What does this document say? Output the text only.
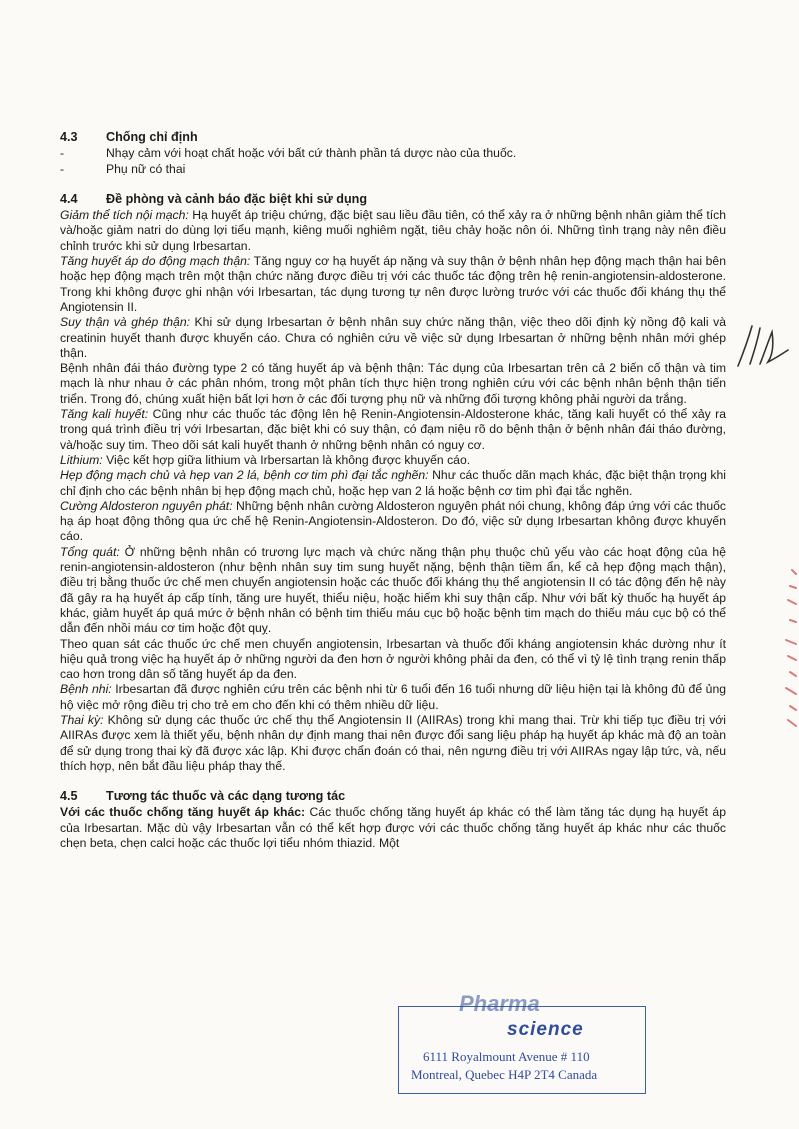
4.3	Chống chỉ định
-	Nhạy cảm với hoạt chất hoặc với bất cứ thành phần tá dược nào của thuốc.
-	Phụ nữ có thai
4.4	Đề phòng và cảnh báo đặc biệt khi sử dụng

Giảm thể tích nội mạch: Hạ huyết áp triệu chứng, đặc biệt sau liều đầu tiên, có thể xảy ra ở những bệnh nhân giảm thể tích và/hoặc giảm natri do dùng lợi tiểu mạnh, kiêng muối nghiêm ngặt, tiêu chảy hoặc nôn ói. Những tình trạng này nên điều chỉnh trước khi sử dụng Irbesartan.

Tăng huyết áp do động mạch thận: Tăng nguy cơ hạ huyết áp nặng và suy thận ở bệnh nhân hẹp động mạch thận hai bên hoặc hẹp động mạch trên một thận chức năng được điều trị với các thuốc tác động trên hệ renin-angiotensin-aldosterone. Trong khi không được ghi nhận với Irbesartan, tác dụng tương tự nên được lường trước với các thuốc đối kháng thụ thể Angiotensin II.

Suy thận và ghép thận: Khi sử dụng Irbesartan ở bệnh nhân suy chức năng thận, việc theo dõi định kỳ nồng độ kali và creatinin huyết thanh được khuyến cáo. Chưa có nghiên cứu về việc sử dụng Irbesartan ở những bệnh nhân mới ghép thận.

Bệnh nhân đái tháo đường type 2 có tăng huyết áp và bệnh thận: Tác dụng của Irbesartan trên cả 2 biến cố thận và tim mạch là như nhau ở các phân nhóm, trong một phân tích thực hiện trong nghiên cứu với các bệnh nhân bệnh thận tiến triển. Trong đó, chúng xuất hiện bất lợi hơn ở các đối tượng phụ nữ và những đối tượng không phải người da trắng.

Tăng kali huyết: Cũng như các thuốc tác động lên hệ Renin-Angiotensin-Aldosterone khác, tăng kali huyết có thể xảy ra trong quá trình điều trị với Irbesartan, đặc biệt khi có suy thận, có đạm niệu rõ do bệnh thận ở bệnh nhân đái tháo đường, và/hoặc suy tim. Theo dõi sát kali huyết thanh ở những bệnh nhân có nguy cơ.

Lithium: Việc kết hợp giữa lithium và Irbersartan là không được khuyến cáo.

Hẹp động mạch chủ và hẹp van 2 lá, bệnh cơ tim phì đại tắc nghẽn: Như các thuốc dãn mạch khác, đặc biệt thận trọng khi chỉ định cho các bệnh nhân bị hẹp động mạch chủ, hoặc hẹp van 2 lá hoặc bệnh cơ tim phì đại tắc nghẽn.

Cường Aldosteron nguyên phát: Những bệnh nhân cường Aldosteron nguyên phát nói chung, không đáp ứng với các thuốc hạ áp hoạt động thông qua ức chế hệ Renin-Angiotensin-Aldosteron. Do đó, việc sử dụng Irbesartan không được khuyến cáo.

Tổng quát: Ở những bệnh nhân có trương lực mạch và chức năng thận phụ thuộc chủ yếu vào các hoạt động của hệ renin-angiotensin-aldosteron (như bệnh nhân suy tim sung huyết nặng, bệnh thận tiềm ẩn, kể cả hẹp động mạch thận), điều trị bằng thuốc ức chế men chuyển angiotensin hoặc các thuốc đối kháng thụ thể angiotensin II có tác động đến hệ này đã gây ra hạ huyết áp cấp tính, tăng ure huyết, thiểu niệu, hoặc hiếm khi suy thận cấp. Như với bất kỳ thuốc hạ huyết áp khác, giảm huyết áp quá mức ở bệnh nhân có bệnh tim thiếu máu cục bộ hoặc bệnh tim mạch do thiếu máu cục bộ có thể dẫn đến nhồi máu cơ tim hoặc đột quỵ.

Theo quan sát các thuốc ức chế men chuyển angiotensin, Irbesartan và thuốc đối kháng angiotensin khác dường như ít hiệu quả trong việc hạ huyết áp ở những người da đen hơn ở người không phải da đen, có thể vì tỷ lệ tình trạng renin thấp cao hơn trong dân số tăng huyết áp da đen.

Bệnh nhi: Irbesartan đã được nghiên cứu trên các bệnh nhi từ 6 tuổi đến 16 tuổi nhưng dữ liệu hiện tại là không đủ để ủng hộ việc mở rộng điều trị cho trẻ em cho đến khi có thêm nhiều dữ liệu.

Thai kỳ: Không sử dụng các thuốc ức chế thụ thể Angiotensin II (AIIRAs) trong khi mang thai. Trừ khi tiếp tục điều trị với AIIRAs được xem là thiết yếu, bệnh nhân dự định mang thai nên được đổi sang liệu pháp hạ huyết áp khác mà độ an toàn để sử dụng trong thai kỳ đã được xác lập. Khi được chẩn đoán có thai, nên ngưng điều trị với AIIRAs ngay lập tức, và, nếu thích hợp, nên bắt đầu liệu pháp thay thế.

4.5	Tương tác thuốc và các dạng tương tác

Với các thuốc chống tăng huyết áp khác: Các thuốc chống tăng huyết áp khác có thể làm tăng tác dụng hạ huyết áp của Irbesartan. Mặc dù vậy Irbesartan vẫn có thể kết hợp được với các thuốc chống tăng huyết áp khác như các thuốc chẹn beta, chẹn calci hoặc các thuốc lợi tiểu nhóm thiazid. Một

Pharma
science
6111 Royalmount Avenue # 110
Montreal, Quebec H4P 2T4 Canada
